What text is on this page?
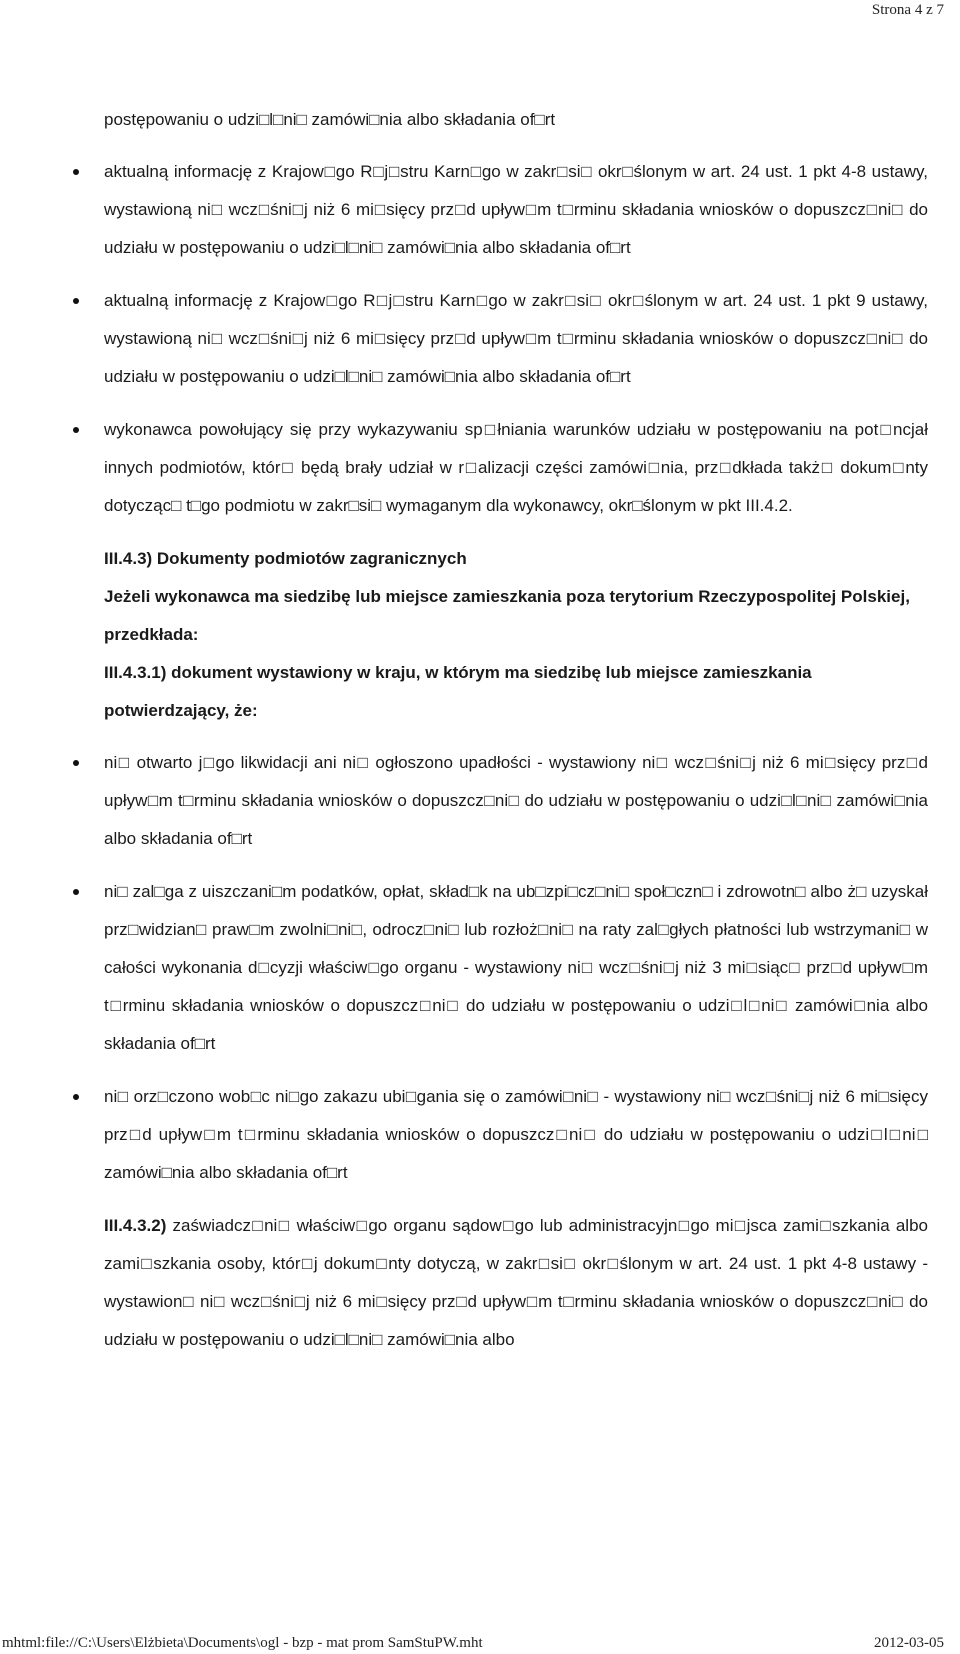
Strona 4 z 7

postępowaniu o udzi□l□ni□ zamówi□nia albo składania of□rt

aktualną informację z Krajow□go R□j□stru Karn□go w zakr□si□ okr□ślonym w art. 24 ust. 1 pkt 4-8 ustawy, wystawioną ni□ wcz□śni□j niż 6 mi□sięcy prz□d upływ□m t□rminu składania wniosków o dopuszcz□ni□ do udziału w postępowaniu o udzi□l□ni□ zamówi□nia albo składania of□rt
aktualną informację z Krajow□go R□j□stru Karn□go w zakr□si□ okr□ślonym w art. 24 ust. 1 pkt 9 ustawy, wystawioną ni□ wcz□śni□j niż 6 mi□sięcy prz□d upływ□m t□rminu składania wniosków o dopuszcz□ni□ do udziału w postępowaniu o udzi□l□ni□ zamówi□nia albo składania of□rt
wykonawca powołujący się przy wykazywaniu sp□łniania warunków udziału w postępowaniu na pot□ncjał innych podmiotów, któr□ będą brały udział w r□alizacji części zamówi□nia, prz□dkłada takż□ dokum□nty dotycząc□ t□go podmiotu w zakr□si□ wymaganym dla wykonawcy, okr□ślonym w pkt III.4.2.

III.4.3) Dokumenty podmiotów zagranicznych

Jeżeli wykonawca ma siedzibę lub miejsce zamieszkania poza terytorium Rzeczypospolitej Polskiej, przedkłada:

III.4.3.1) dokument wystawiony w kraju, w którym ma siedzibę lub miejsce zamieszkania potwierdzający, że:

ni□ otwarto j□go likwidacji ani ni□ ogłoszono upadłości - wystawiony ni□ wcz□śni□j niż 6 mi□sięcy prz□d upływ□m t□rminu składania wniosków o dopuszcz□ni□ do udziału w postępowaniu o udzi□l□ni□ zamówi□nia albo składania of□rt
ni□ zal□ga z uiszczani□m podatków, opłat, skład□k na ub□zpi□cz□ni□ społ□czn□ i zdrowotn□ albo ż□ uzyskał prz□widzian□ praw□m zwolni□ni□, odrocz□ni□ lub rozłoż□ni□ na raty zal□głych płatności lub wstrzymani□ w całości wykonania d□cyzji właściw□go organu - wystawiony ni□ wcz□śni□j niż 3 mi□siąc□ prz□d upływ□m t□rminu składania wniosków o dopuszcz□ni□ do udziału w postępowaniu o udzi□l□ni□ zamówi□nia albo składania of□rt
ni□ orz□czono wob□c ni□go zakazu ubi□gania się o zamówi□ni□ - wystawiony ni□ wcz□śni□j niż 6 mi□sięcy prz□d upływ□m t□rminu składania wniosków o dopuszcz□ni□ do udziału w postępowaniu o udzi□l□ni□ zamówi□nia albo składania of□rt

III.4.3.2) zaświadcz□ni□ właściw□go organu sądow□go lub administracyjn□go mi□jsca zami□szkania albo zami□szkania osoby, któr□j dokum□nty dotyczą, w zakr□si□ okr□ślonym w art. 24 ust. 1 pkt 4-8 ustawy - wystawion□ ni□ wcz□śni□j niż 6 mi□sięcy prz□d upływ□m t□rminu składania wniosków o dopuszcz□ni□ do udziału w postępowaniu o udzi□l□ni□ zamówi□nia albo

mhtml:file://C:\Users\Elżbieta\Documents\ogl - bzp - mat prom SamStuPW.mht	2012-03-05
